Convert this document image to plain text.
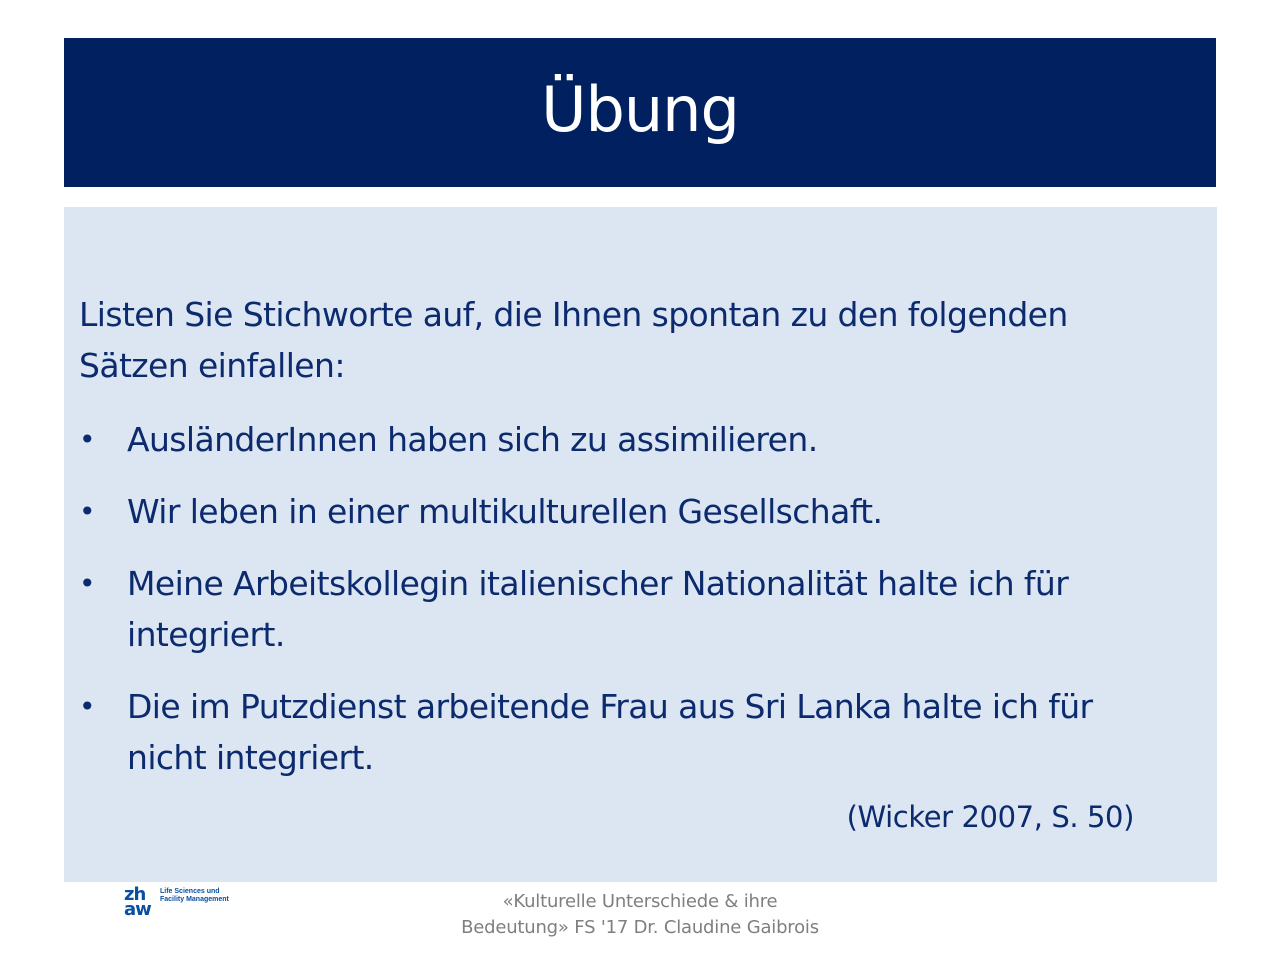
Übung

Listen Sie Stichworte auf, die Ihnen spontan zu den folgenden
Sätzen einfallen:

• AusländerInnen haben sich zu assimilieren.
• Wir leben in einer multikulturellen Gesellschaft.
• Meine Arbeitskollegin italienischer Nationalität halte ich für
integriert.
• Die im Putzdienst arbeitende Frau aus Sri Lanka halte ich für
nicht integriert.
(Wicker 2007, S. 50)
zh
aw
Life Sciences und
Facility Management	«Kulturelle Unterschiede & ihre
Bedeutung» FS '17 Dr. Claudine Gaibrois
